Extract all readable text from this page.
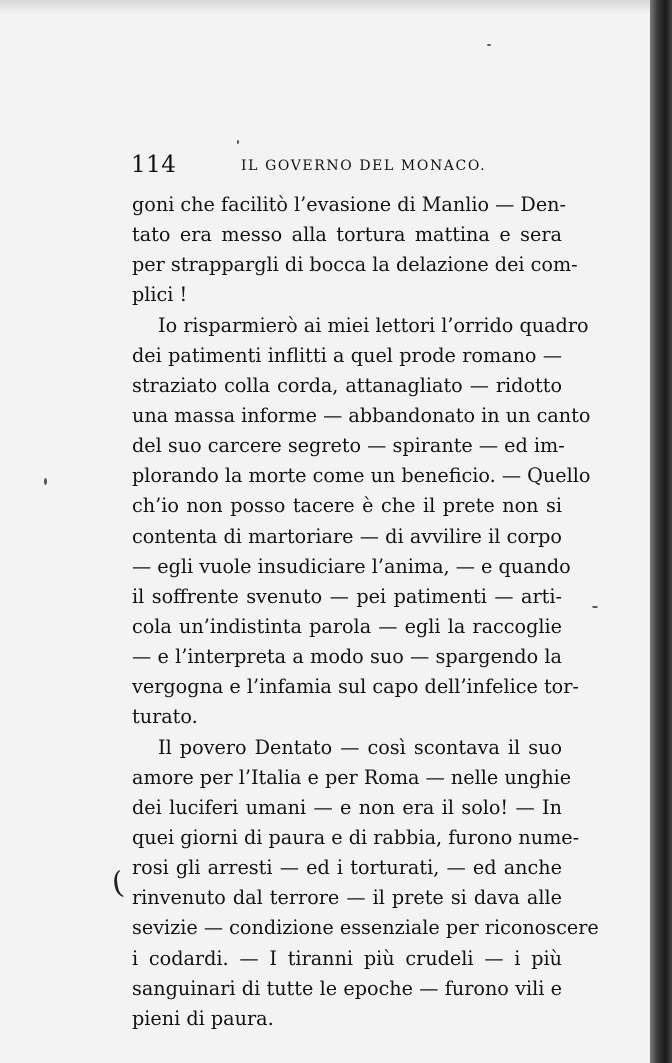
114	IL GOVERNO DEL MONACO.
goni che facilitò l’evasione di Manlio — Den-
tato era messo alla tortura mattina e sera
per strappargli di bocca la delazione dei com-
plici !
Io risparmierò ai miei lettori l’orrido quadro
dei patimenti inflitti a quel prode romano —
straziato colla corda, attanagliato — ridotto
una massa informe — abbandonato in un canto
del suo carcere segreto — spirante — ed im-
plorando la morte come un beneficio. — Quello
ch’io non posso tacere è che il prete non si
contenta di martoriare — di avvilire il corpo
— egli vuole insudiciare l’anima, — e quando
il soffrente svenuto — pei patimenti — arti-
cola un’indistinta parola — egli la raccoglie
— e l’interpreta a modo suo — spargendo la
vergogna e l’infamia sul capo dell’infelice tor-
turato.
Il povero Dentato — così scontava il suo
amore per l’Italia e per Roma — nelle unghie
dei luciferi umani — e non era il solo! — In
quei giorni di paura e di rabbia, furono nume-
rosi gli arresti — ed i torturati, — ed anche
rinvenuto dal terrore — il prete si dava alle
sevizie — condizione essenziale per riconoscere
i codardi. — I tiranni più crudeli — i più
sanguinari di tutte le epoche — furono vili e
pieni di paura.
(
